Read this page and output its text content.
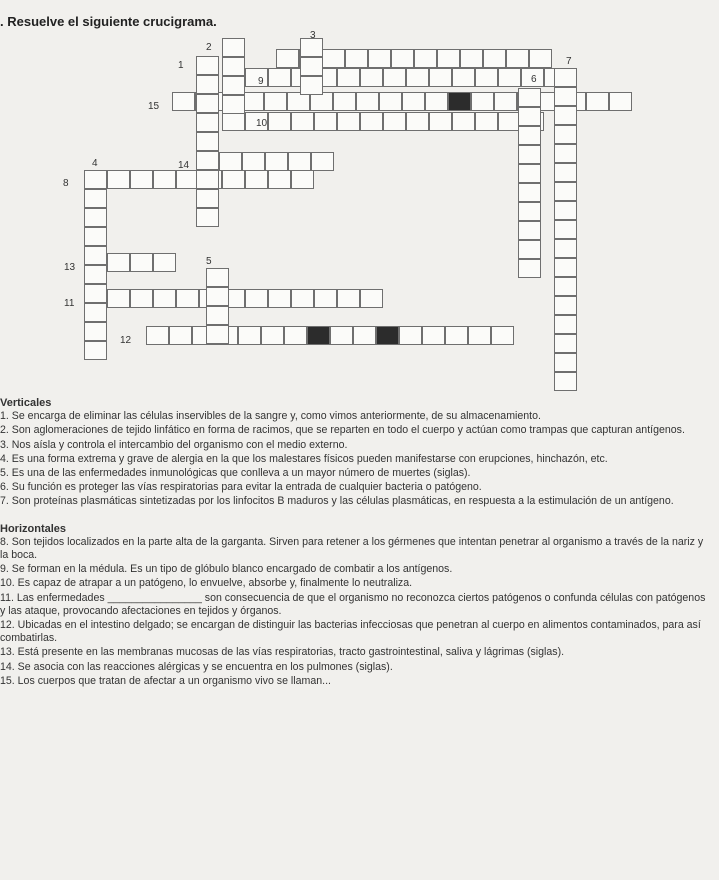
. Resuelve el siguiente crucigrama.
1
2
3
4
5
6
7
8
9
10
11
12
13
14
15
Verticales
1. Se encarga de eliminar las células inservibles de la sangre y, como vimos anteriormente, de su almacenamiento.
2. Son aglomeraciones de tejido linfático en forma de racimos, que se reparten en todo el cuerpo y actúan como trampas que capturan antígenos.
3. Nos aísla y controla el intercambio del organismo con el medio externo.
4. Es una forma extrema y grave de alergia en la que los malestares físicos pueden manifestarse con erupciones, hinchazón, etc.
5. Es una de las enfermedades inmunológicas que conlleva a un mayor número de muertes (siglas).
6. Su función es proteger las vías respiratorias para evitar la entrada de cualquier bacteria o patógeno.
7. Son proteínas plasmáticas sintetizadas por los linfocitos B maduros y las células plasmáticas, en respuesta a la estimulación de un antígeno.
Horizontales
8. Son tejidos localizados en la parte alta de la garganta. Sirven para retener a los gérmenes que intentan penetrar al organismo a través de la nariz y la boca.
9. Se forman en la médula. Es un tipo de glóbulo blanco encargado de combatir a los antígenos.
10. Es capaz de atrapar a un patógeno, lo envuelve, absorbe y, finalmente lo neutraliza.
11. Las enfermedades ________________ son consecuencia de que el organismo no reconozca ciertos patógenos o confunda células con patógenos y las ataque, provocando afectaciones en tejidos y órganos.
12. Ubicadas en el intestino delgado; se encargan de distinguir las bacterias infecciosas que penetran al cuerpo en alimentos contaminados, para así combatirlas.
13. Está presente en las membranas mucosas de las vías respiratorias, tracto gastrointestinal, saliva y lágrimas (siglas).
14. Se asocia con las reacciones alérgicas y se encuentra en los pulmones (siglas).
15. Los cuerpos que tratan de afectar a un organismo vivo se llaman...
